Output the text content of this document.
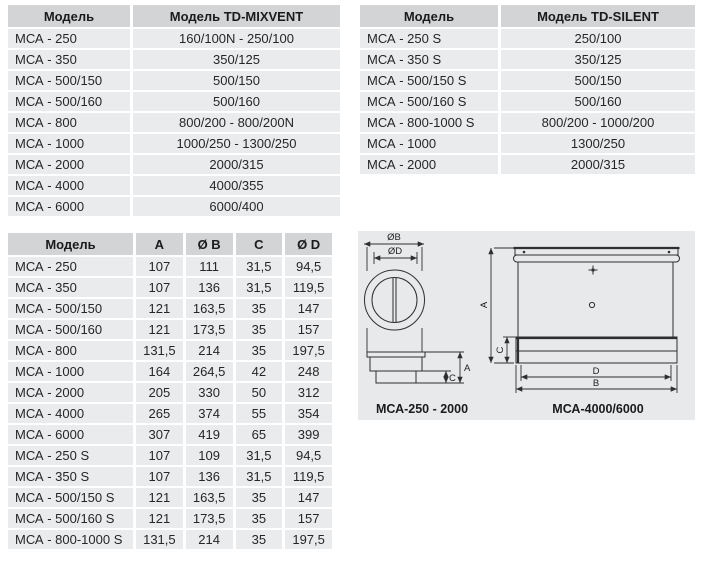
Модель	Модель TD-MIXVENT
МСА - 250	160/100N - 250/100
МСА - 350	350/125
МСА - 500/150	500/150
МСА - 500/160	500/160
МСА - 800	800/200 - 800/200N
МСА - 1000	1000/250 - 1300/250
МСА - 2000	2000/315
МСА - 4000	4000/355
МСА - 6000	6000/400
Модель	Модель TD-SILENT
МСА - 250 S	250/100
МСА - 350 S	350/125
МСА - 500/150 S	500/150
МСА - 500/160 S	500/160
МСА - 800-1000 S	800/200 - 1000/200
МСА - 1000	1300/250
МСА - 2000	2000/315
Модель	A	Ø B	C	Ø D
МСА - 250	107	111	31,5	94,5
МСА - 350	107	136	31,5	119,5
МСА - 500/150	121	163,5	35	147
МСА - 500/160	121	173,5	35	157
МСА - 800	131,5	214	35	197,5
МСА - 1000	164	264,5	42	248
МСА - 2000	205	330	50	312
МСА - 4000	265	374	55	354
МСА - 6000	307	419	65	399
МСА - 250 S	107	109	31,5	94,5
МСА - 350 S	107	136	31,5	119,5
МСА - 500/150 S	121	163,5	35	147
МСА - 500/160 S	121	173,5	35	157
МСА - 800-1000 S	131,5	214	35	197,5
ØB
ØD
A
C
МСА-250 - 2000
A
C
D
B
МСА-4000/6000
